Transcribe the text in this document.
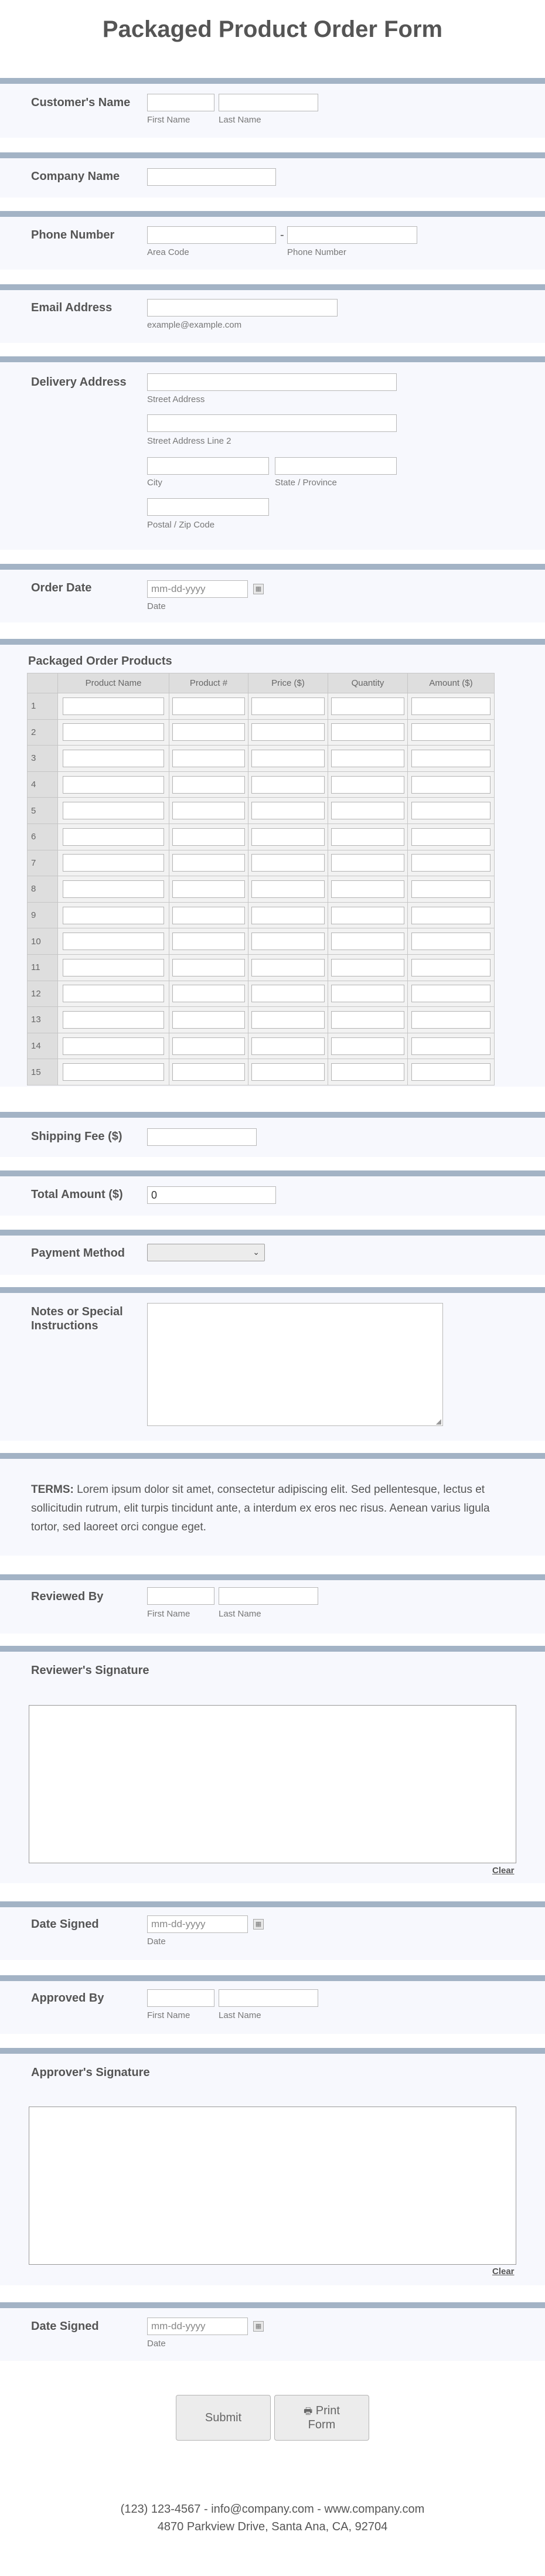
Packaged Product Order Form
Customer's Name
First Name	Last Name
Company Name
Phone Number	-
Area Code	Phone Number
Email Address
example@example.com
Delivery Address
Street Address
Street Address Line 2
City	State / Province
Postal / Zip Code
Order Date	mm-dd-yyyy	▦
Date
Packaged Order Products
	Product Name	Product #	Price ($)	Quantity	Amount ($)
1	

2	

3	

4	

5	

6	

7	

8	

9	

10	

11	

12	

13	

14	

15	

Shipping Fee ($)
Total Amount ($)	0
Payment Method	⌄
Notes or Special Instructions
◢
TERMS: Lorem ipsum dolor sit amet, consectetur adipiscing elit. Sed pellentesque, lectus et sollicitudin rutrum, elit turpis tincidunt ante, a interdum ex eros nec risus. Aenean varius ligula tortor, sed laoreet orci congue eget.
Reviewed By
First Name	Last Name
Reviewer's Signature
Clear
Date Signed	mm-dd-yyyy	▦
Date
Approved By
First Name	Last Name
Approver's Signature
Clear
Date Signed	mm-dd-yyyy	▦
Date
Submit	🖶 Print Form
(123) 123-4567 - info@company.com - www.company.com
4870 Parkview Drive, Santa Ana, CA, 92704
